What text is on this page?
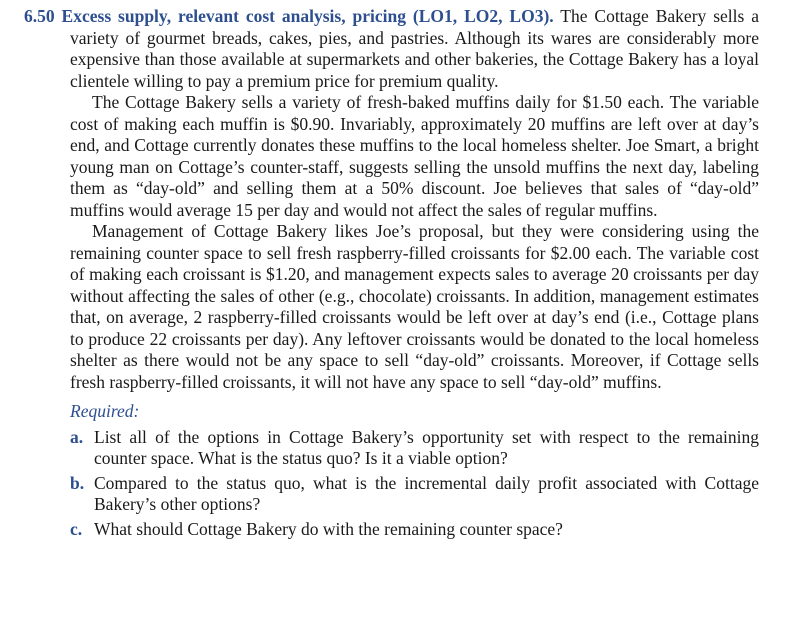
6.50 Excess supply, relevant cost analysis, pricing (LO1, LO2, LO3). The Cottage Bakery sells a variety of gourmet breads, cakes, pies, and pastries. Although its wares are considerably more expensive than those available at supermarkets and other bakeries, the Cottage Bakery has a loyal clientele willing to pay a premium price for premium quality.

The Cottage Bakery sells a variety of fresh-baked muffins daily for $1.50 each. The variable cost of making each muffin is $0.90. Invariably, approximately 20 muffins are left over at day’s end, and Cottage currently donates these muffins to the local homeless shelter. Joe Smart, a bright young man on Cottage’s counter-staff, suggests selling the unsold muffins the next day, labeling them as “day-old” and selling them at a 50% discount. Joe believes that sales of “day-old” muffins would average 15 per day and would not affect the sales of regular muffins.

Management of Cottage Bakery likes Joe’s proposal, but they were considering using the remaining counter space to sell fresh raspberry-filled croissants for $2.00 each. The variable cost of making each croissant is $1.20, and management expects sales to average 20 croissants per day without affecting the sales of other (e.g., chocolate) croissants. In addition, management estimates that, on average, 2 raspberry-filled croissants would be left over at day’s end (i.e., Cottage plans to produce 22 croissants per day). Any leftover croissants would be donated to the local homeless shelter as there would not be any space to sell “day-old” croissants. Moreover, if Cottage sells fresh raspberry-filled croissants, it will not have any space to sell “day-old” muffins.

Required:
a. List all of the options in Cottage Bakery’s opportunity set with respect to the remaining counter space. What is the status quo? Is it a viable option?
b. Compared to the status quo, what is the incremental daily profit associated with Cottage Bakery’s other options?
c. What should Cottage Bakery do with the remaining counter space?
